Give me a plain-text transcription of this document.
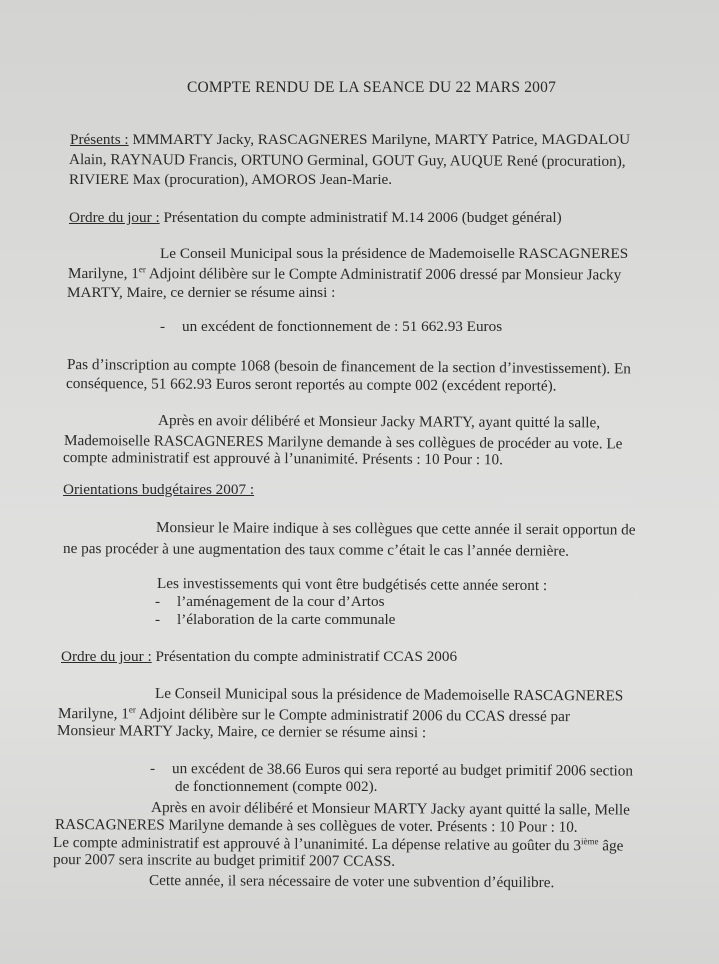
COMPTE RENDU DE LA SEANCE DU 22 MARS 2007
Présents : MMMARTY Jacky, RASCAGNERES Marilyne, MARTY Patrice, MAGDALOU
Alain, RAYNAUD Francis, ORTUNO Germinal, GOUT Guy, AUQUE René (procuration),
RIVIERE Max (procuration), AMOROS Jean-Marie.
Ordre du jour : Présentation du compte administratif M.14 2006 (budget général)
Le Conseil Municipal sous la présidence de Mademoiselle RASCAGNERES
Marilyne, 1er Adjoint délibère sur le Compte Administratif 2006 dressé par Monsieur Jacky
MARTY, Maire, ce dernier se résume ainsi :
- un excédent de fonctionnement de : 51 662.93 Euros
Pas d’inscription au compte 1068 (besoin de financement de la section d’investissement). En
conséquence, 51 662.93 Euros seront reportés au compte 002 (excédent reporté).
Après en avoir délibéré et Monsieur Jacky MARTY, ayant quitté la salle,
Mademoiselle RASCAGNERES Marilyne demande à ses collègues de procéder au vote. Le
compte administratif est approuvé à l’unanimité. Présents : 10 Pour : 10.
Orientations budgétaires 2007 :
Monsieur le Maire indique à ses collègues que cette année il serait opportun de
ne pas procéder à une augmentation des taux comme c’était le cas l’année dernière.
Les investissements qui vont être budgétisés cette année seront :
- l’aménagement de la cour d’Artos
- l’élaboration de la carte communale
Ordre du jour : Présentation du compte administratif CCAS 2006
Le Conseil Municipal sous la présidence de Mademoiselle RASCAGNERES
Marilyne, 1er Adjoint délibère sur le Compte administratif 2006 du CCAS dressé par
Monsieur MARTY Jacky, Maire, ce dernier se résume ainsi :
- un excédent de 38.66 Euros qui sera reporté au budget primitif 2006 section
de fonctionnement (compte 002).
Après en avoir délibéré et Monsieur MARTY Jacky ayant quitté la salle, Melle
RASCAGNERES Marilyne demande à ses collègues de voter. Présents : 10 Pour : 10.
Le compte administratif est approuvé à l’unanimité. La dépense relative au goûter du 3ième âge
pour 2007 sera inscrite au budget primitif 2007 CCASS.
Cette année, il sera nécessaire de voter une subvention d’équilibre.
